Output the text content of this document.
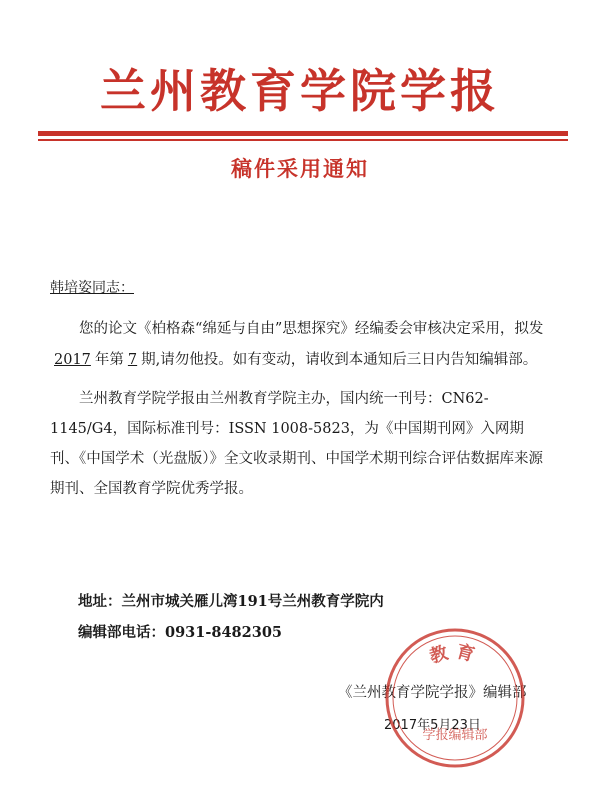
兰州教育学院学报
稿件采用通知
韩培姿同志：
您的论文《柏格森“绵延与自由”思想探究》经编委会审核决定采用，拟发2017 年第 7 期,请勿他投。如有变动，请收到本通知后三日内告知编辑部。
兰州教育学院学报由兰州教育学院主办，国内统一刊号：CN62-1145/G4，国际标准刊号：ISSN 1008-5823，为《中国期刊网》入网期刊、《中国学术（光盘版）》全文收录期刊、中国学术期刊综合评估数据库来源期刊、全国教育学院优秀学报。
地址：兰州市城关雁儿湾191号兰州教育学院内
编辑部电话：0931-8482305
《兰州教育学院学报》编辑部
2017年5月23日
教育
学报编辑部
